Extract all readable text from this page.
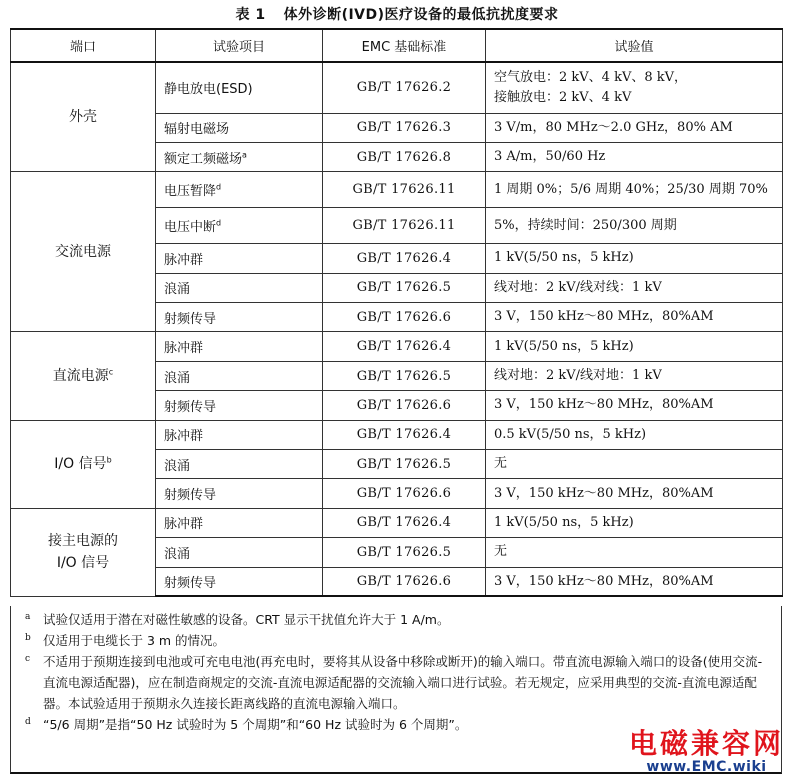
表 1 体外诊断(IVD)医疗设备的最低抗扰度要求
端口	试验项目	EMC 基础标准	试验值
外壳	静电放电(ESD)	GB/T 17626.2	空气放电：2 kV、4 kV、8 kV，
接触放电：2 kV、4 kV

	辐射电磁场	GB/T 17626.3	3 V/m，80 MHz～2.0 GHz，80% AM

	额定工频磁场$^a$	GB/T 17626.8	3 A/m，50/60 Hz

交流电源	电压暂降$^d$	GB/T 17626.11	1 周期 0%；5/6 周期 40%；25/30 周期 70%

	电压中断$^d$	GB/T 17626.11	5%，持续时间：250/300 周期

	脉冲群	GB/T 17626.4	1 kV(5/50 ns，5 kHz)

	浪涌	GB/T 17626.5	线对地：2 kV/线对线：1 kV

	射频传导	GB/T 17626.6	3 V，150 kHz～80 MHz，80%AM

直流电源$^c$	脉冲群	GB/T 17626.4	1 kV(5/50 ns，5 kHz)

	浪涌	GB/T 17626.5	线对地：2 kV/线对地：1 kV

	射频传导	GB/T 17626.6	3 V，150 kHz～80 MHz，80%AM

I/O 信号$^b$	脉冲群	GB/T 17626.4	0.5 kV(5/50 ns，5 kHz)

	浪涌	GB/T 17626.5	无

	射频传导	GB/T 17626.6	3 V，150 kHz～80 MHz，80%AM

接主电源的
I/O 信号	脉冲群	GB/T 17626.4	1 kV(5/50 ns，5 kHz)

	浪涌	GB/T 17626.5	无

	射频传导	GB/T 17626.6	3 V，150 kHz～80 MHz，80%AM
a 试验仅适用于潜在对磁性敏感的设备。CRT 显示干扰值允许大于 1 A/m。
b 仅适用于电缆长于 3 m 的情况。
c 不适用于预期连接到电池或可充电电池(再充电时，要将其从设备中移除或断开)的输入端口。带直流电源输入端口的设备(使用交流-直流电源适配器)，应在制造商规定的交流-直流电源适配器的交流输入端口进行试验。若无规定，应采用典型的交流-直流电源适配器。本试验适用于预期永久连接长距离线路的直流电源输入端口。
d “5/6 周期”是指“50 Hz 试验时为 5 个周期”和“60 Hz 试验时为 6 个周期”。
电磁兼容网
www.EMC.wiki
